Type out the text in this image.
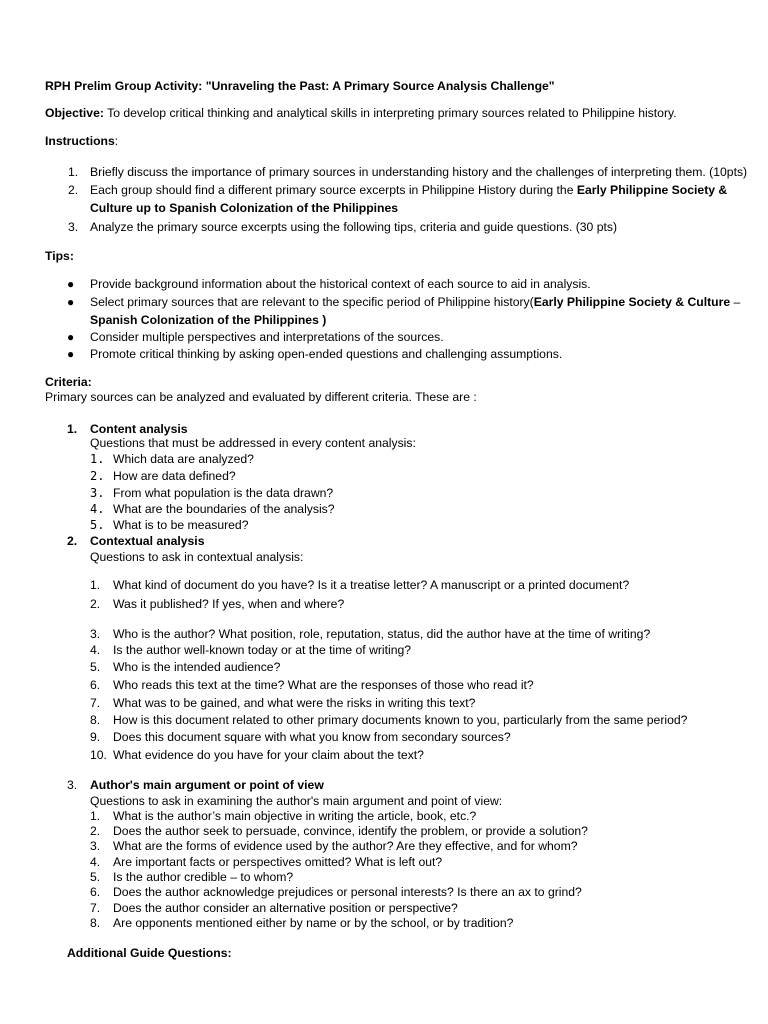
RPH Prelim Group Activity: "Unraveling the Past: A Primary Source Analysis Challenge"
Objective: To develop critical thinking and analytical skills in interpreting primary sources related to Philippine history.
Instructions:
1. Briefly discuss the importance of primary sources in understanding history and the challenges of interpreting them. (10pts)
2. Each group should find a different primary source excerpts in Philippine History during the Early Philippine Society &
Culture up to Spanish Colonization of the Philippines
3. Analyze the primary source excerpts using the following tips, criteria and guide questions. (30 pts)
Tips:
● Provide background information about the historical context of each source to aid in analysis.
● Select primary sources that are relevant to the specific period of Philippine history(Early Philippine Society & Culture –
Spanish Colonization of the Philippines )
● Consider multiple perspectives and interpretations of the sources.
● Promote critical thinking by asking open-ended questions and challenging assumptions.
Criteria:
Primary sources can be analyzed and evaluated by different criteria. These are :
1. Content analysis
Questions that must be addressed in every content analysis:
1. Which data are analyzed?
2. How are data defined?
3. From what population is the data drawn?
4. What are the boundaries of the analysis?
5. What is to be measured?
2. Contextual analysis
Questions to ask in contextual analysis:
1. What kind of document do you have? Is it a treatise letter? A manuscript or a printed document?
2. Was it published? If yes, when and where?
3. Who is the author? What position, role, reputation, status, did the author have at the time of writing?
4. Is the author well-known today or at the time of writing?
5. Who is the intended audience?
6. Who reads this text at the time? What are the responses of those who read it?
7. What was to be gained, and what were the risks in writing this text?
8. How is this document related to other primary documents known to you, particularly from the same period?
9. Does this document square with what you know from secondary sources?
10. What evidence do you have for your claim about the text?
3. Author's main argument or point of view
Questions to ask in examining the author's main argument and point of view:
1. What is the author’s main objective in writing the article, book, etc.?
2. Does the author seek to persuade, convince, identify the problem, or provide a solution?
3. What are the forms of evidence used by the author? Are they effective, and for whom?
4. Are important facts or perspectives omitted? What is left out?
5. Is the author credible – to whom?
6. Does the author acknowledge prejudices or personal interests? Is there an ax to grind?
7. Does the author consider an alternative position or perspective?
8. Are opponents mentioned either by name or by the school, or by tradition?
Additional Guide Questions:
